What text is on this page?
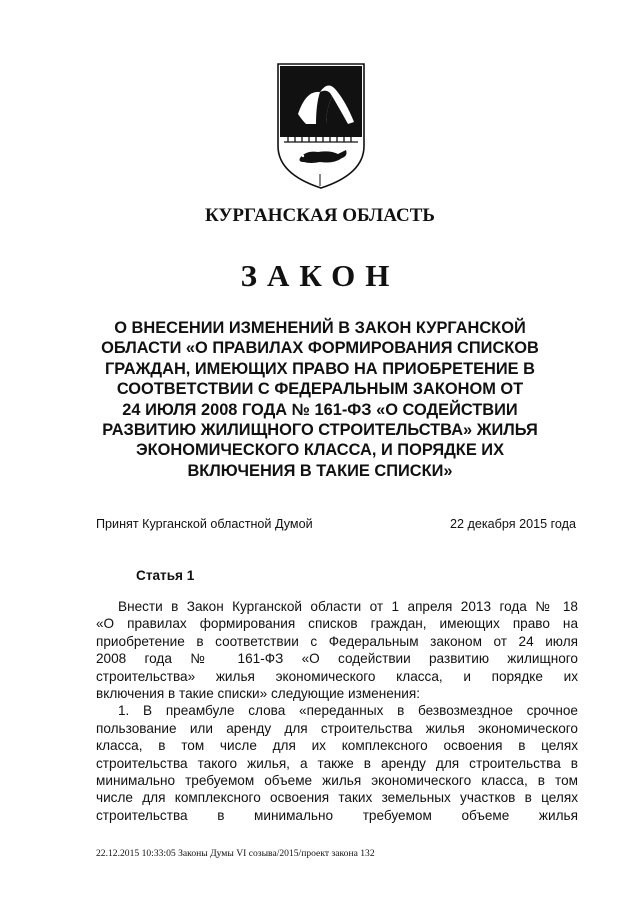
КУРГАНСКАЯ ОБЛАСТЬ
ЗАКОН
О ВНЕСЕНИИ ИЗМЕНЕНИЙ В ЗАКОН КУРГАНСКОЙ
ОБЛАСТИ «О ПРАВИЛАХ ФОРМИРОВАНИЯ СПИСКОВ
ГРАЖДАН, ИМЕЮЩИХ ПРАВО НА ПРИОБРЕТЕНИЕ В
СООТВЕТСТВИИ С ФЕДЕРАЛЬНЫМ ЗАКОНОМ ОТ
24 ИЮЛЯ 2008 ГОДА № 161-ФЗ «О СОДЕЙСТВИИ
РАЗВИТИЮ ЖИЛИЩНОГО СТРОИТЕЛЬСТВА» ЖИЛЬЯ
ЭКОНОМИЧЕСКОГО КЛАССА, И ПОРЯДКЕ ИХ
ВКЛЮЧЕНИЯ В ТАКИЕ СПИСКИ»
Принят Курганской областной Думой	22 декабря 2015 года
Статья 1
Внести в Закон Курганской области от 1 апреля 2013 года № 18
«О правилах формирования списков граждан, имеющих право на
приобретение в соответствии с Федеральным законом от 24 июля
2008 года № 161-ФЗ «О содействии развитию жилищного
строительства» жилья экономического класса, и порядке их
включения в такие списки» следующие изменения:
1. В преамбуле слова «переданных в безвозмездное срочное
пользование или аренду для строительства жилья экономического
класса, в том числе для их комплексного освоения в целях
строительства такого жилья, а также в аренду для строительства в
минимально требуемом объеме жилья экономического класса, в том
числе для комплексного освоения таких земельных участков в целях
строительства в минимально требуемом объеме жилья
22.12.2015 10:33:05 Законы Думы VI созыва/2015/проект закона 132
